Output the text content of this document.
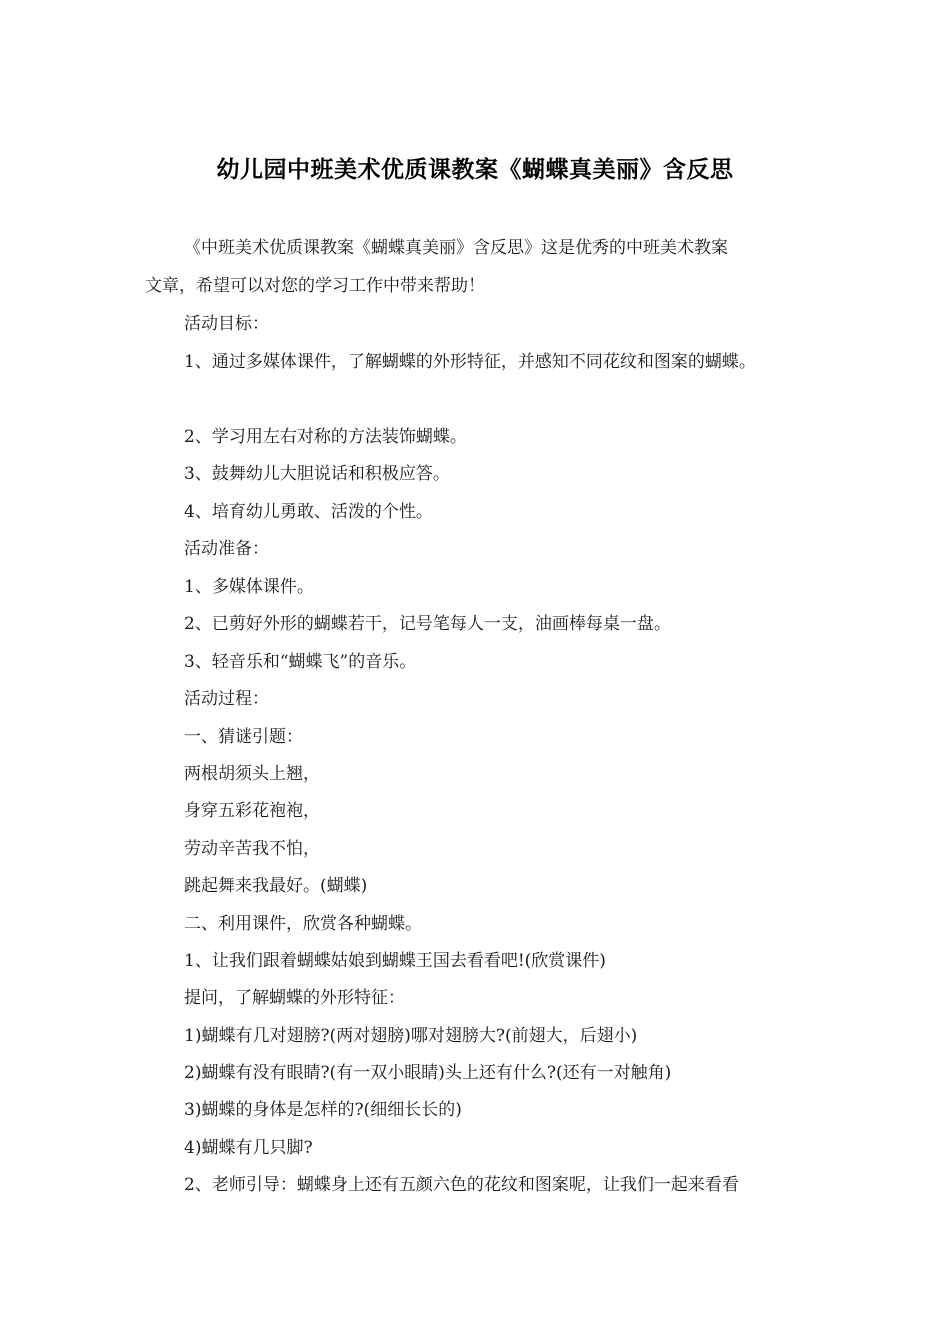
幼儿园中班美术优质课教案《蝴蝶真美丽》含反思
《中班美术优质课教案《蝴蝶真美丽》含反思》这是优秀的中班美术教案
文章，希望可以对您的学习工作中带来帮助！
活动目标：
1、通过多媒体课件，了解蝴蝶的外形特征，并感知不同花纹和图案的蝴蝶。
2、学习用左右对称的方法装饰蝴蝶。
3、鼓舞幼儿大胆说话和积极应答。
4、培育幼儿勇敢、活泼的个性。
活动准备：
1、多媒体课件。
2、已剪好外形的蝴蝶若干，记号笔每人一支，油画棒每桌一盘。
3、轻音乐和“蝴蝶飞”的音乐。
活动过程：
一、猜谜引题：
两根胡须头上翘，
身穿五彩花袍袍，
劳动辛苦我不怕，
跳起舞来我最好。(蝴蝶)
二、利用课件，欣赏各种蝴蝶。
1、让我们跟着蝴蝶姑娘到蝴蝶王国去看看吧!(欣赏课件)
提问，了解蝴蝶的外形特征：
1)蝴蝶有几对翅膀?(两对翅膀)哪对翅膀大?(前翅大，后翅小)
2)蝴蝶有没有眼睛?(有一双小眼睛)头上还有什么?(还有一对触角)
3)蝴蝶的身体是怎样的?(细细长长的)
4)蝴蝶有几只脚?
2、老师引导：蝴蝶身上还有五颜六色的花纹和图案呢，让我们一起来看看
